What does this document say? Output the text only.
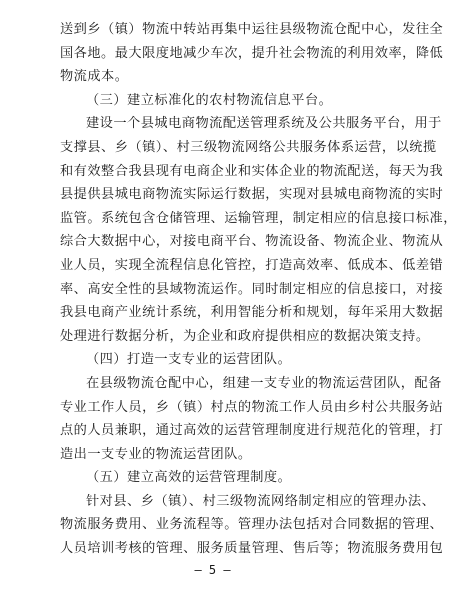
送到乡（镇）物流中转站再集中运往县级物流仓配中心，发往全
国各地。最大限度地减少车次，提升社会物流的利用效率，降低
物流成本。
（三）建立标准化的农村物流信息平台。
建设一个县城电商物流配送管理系统及公共服务平台，用于
支撑县、乡（镇）、村三级物流网络公共服务体系运营，以统揽
和有效整合我县现有电商企业和实体企业的物流配送，每天为我
县提供县城电商物流实际运行数据，实现对县城电商物流的实时
监管。系统包含仓储管理、运输管理，制定相应的信息接口标准，
综合大数据中心，对接电商平台、物流设备、物流企业、物流从
业人员，实现全流程信息化管控，打造高效率、低成本、低差错
率、高安全性的县域物流运作。同时制定相应的信息接口，对接
我县电商产业统计系统，利用智能分析和规划，每年采用大数据
处理进行数据分析，为企业和政府提供相应的数据决策支持。
（四）打造一支专业的运营团队。
在县级物流仓配中心，组建一支专业的物流运营团队，配备
专业工作人员，乡（镇）村点的物流工作人员由乡村公共服务站
点的人员兼职，通过高效的运营管理制度进行规范化的管理，打
造出一支专业的物流运营团队。
（五）建立高效的运营管理制度。
针对县、乡（镇）、村三级物流网络制定相应的管理办法、
物流服务费用、业务流程等。管理办法包括对合同数据的管理、
人员培训考核的管理、服务质量管理、售后等；物流服务费用包
— 5 —
